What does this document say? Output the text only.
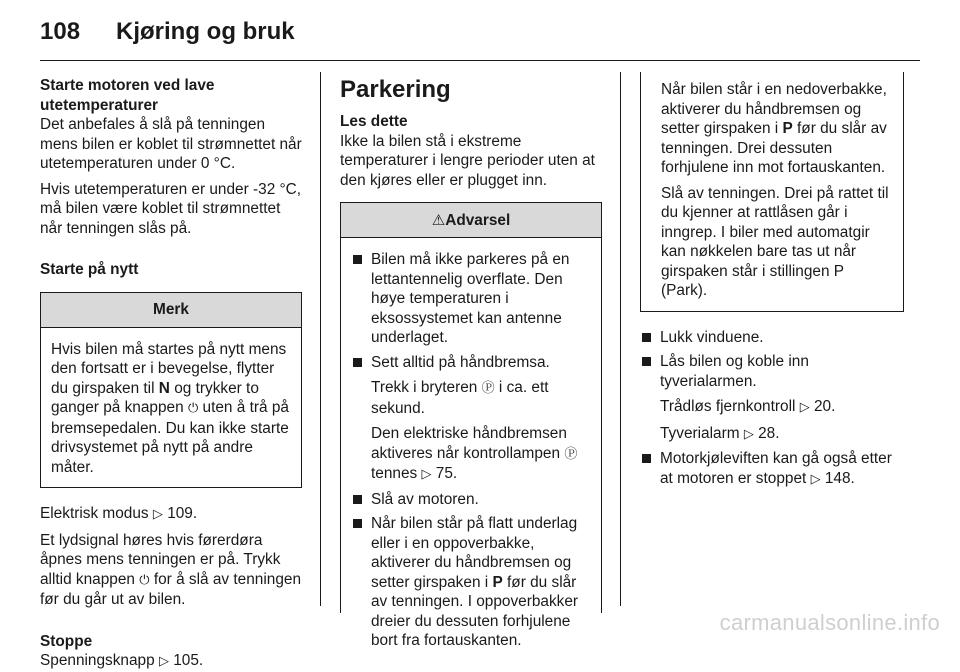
108	Kjøring og bruk

Starte motoren ved lave utetemperaturer

Det anbefales å slå på tenningen mens bilen er koblet til strømnettet når utetemperaturen under 0 °C.

Hvis utetemperaturen er under -32 °C, må bilen være koblet til strømnettet når tenningen slås på.

Starte på nytt

Merk

Hvis bilen må startes på nytt mens den fortsatt er i bevegelse, flytter du girspaken til N og trykker to ganger på knappen ⏻ uten å trå på bremsepedalen. Du kan ikke starte drivsystemet på nytt på andre måter.

Elektrisk modus ▷ 109.

Et lydsignal høres hvis førerdøra åpnes mens tenningen er på. Trykk alltid knappen ⏻ for å slå av tenningen før du går ut av bilen.

Stoppe

Spenningsknapp ▷ 105.

Parkering

Les dette

Ikke la bilen stå i ekstreme temperaturer i lengre perioder uten at den kjøres eller er plugget inn.

⚠Advarsel
Bilen må ikke parkeres på en lettantennelig overflate. Den høye temperaturen i eksossystemet kan antenne underlaget.
Sett alltid på håndbremsa.

Trekk i bryteren Ⓟ i ca. ett sekund.

Den elektriske håndbremsen aktiveres når kontrollampen Ⓟ tennes ▷ 75.

Slå av motoren.
Når bilen står på flatt underlag eller i en oppoverbakke, aktiverer du håndbremsen og setter girspaken i P før du slår av tenningen. I oppoverbakker dreier du dessuten forhjulene bort fra fortauskanten.

Når bilen står i en nedoverbakke, aktiverer du håndbremsen og setter girspaken i P før du slår av tenningen. Drei dessuten forhjulene inn mot fortauskanten.

Slå av tenningen. Drei på rattet til du kjenner at rattlåsen går i inngrep. I biler med automatgir kan nøkkelen bare tas ut når girspaken står i stillingen P (Park).

Lukk vinduene.
Lås bilen og koble inn tyverialarmen.

Trådløs fjernkontroll ▷ 20.

Tyverialarm ▷ 28.

Motorkjøleviften kan gå også etter at motoren er stoppet ▷ 148.
carmanualsonline.info
